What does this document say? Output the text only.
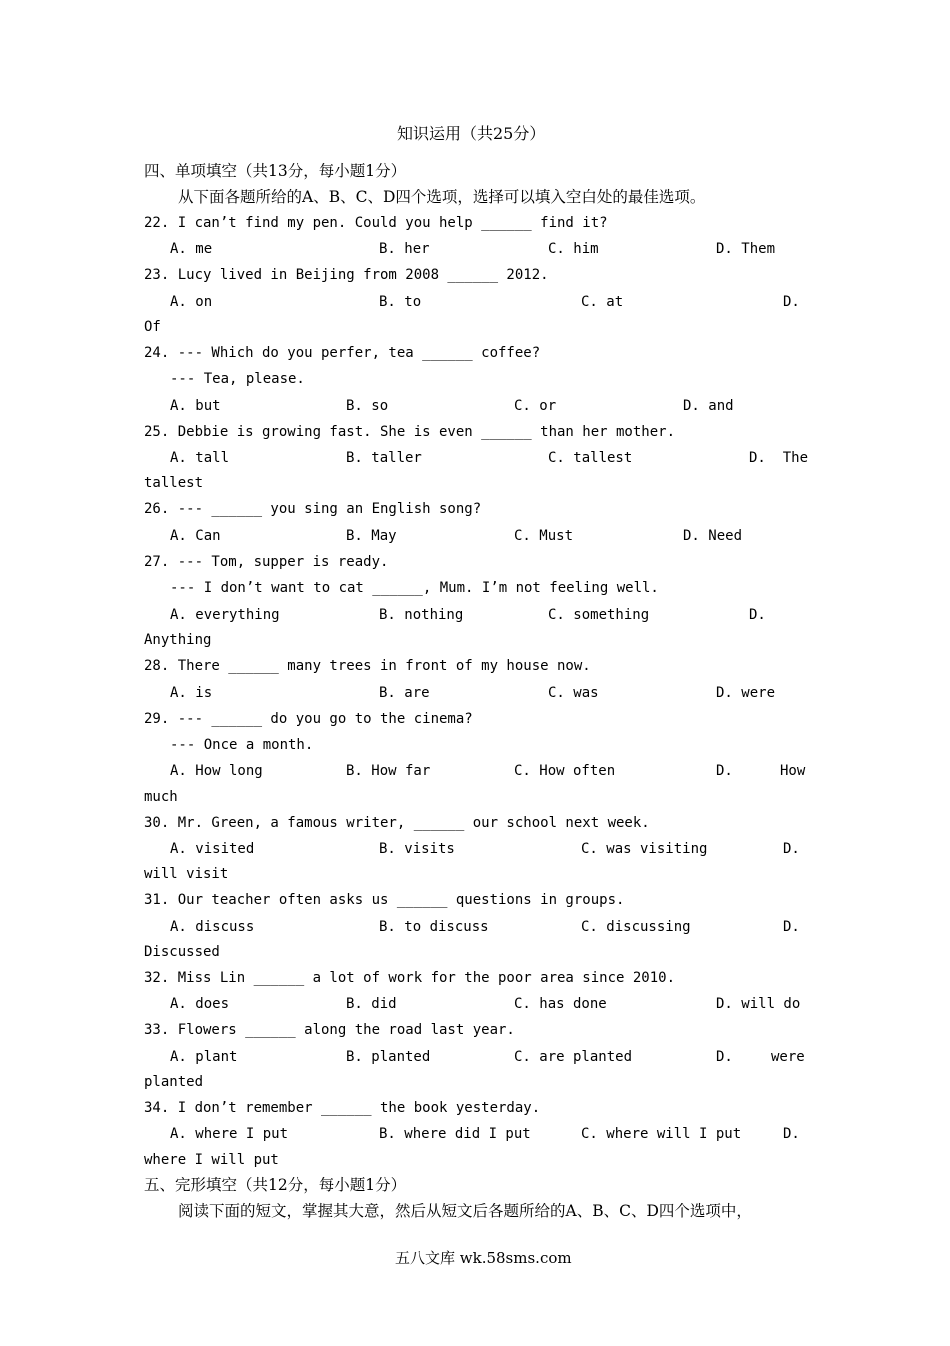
知识运用（共25分）
四、单项填空（共13分，每小题1分）
从下面各题所给的A、B、C、D四个选项，选择可以填入空白处的最佳选项。
22. I can’t find my pen. Could you help ______ find it?
A. me	B. her	C. him	D. Them
23. Lucy lived in Beijing from 2008 ______ 2012.
A. on	B. to	C. at	D.
Of
24. --- Which do you perfer, tea ______ coffee?
--- Tea, please.
A. but	B. so	C. or	D. and
25. Debbie is growing fast. She is even ______ than her mother.
A. tall	B. taller	C. tallest	D.  The
tallest
26. --- ______ you sing an English song?
A. Can	B. May	C. Must	D. Need
27. --- Tom, supper is ready.
--- I don’t want to cat ______, Mum. I’m not feeling well.
A. everything	B. nothing	C. something	D.
Anything
28. There ______ many trees in front of my house now.
A. is	B. are	C. was	D. were
29. --- ______ do you go to the cinema?
--- Once a month.
A. How long	B. How far	C. How often	D.	How
much
30. Mr. Green, a famous writer, ______ our school next week.
A. visited	B. visits	C. was visiting	D.
will visit
31. Our teacher often asks us ______ questions in groups.
A. discuss	B. to discuss	C. discussing	D.
Discussed
32. Miss Lin ______ a lot of work for the poor area since 2010.
A. does	B. did	C. has done	D. will do
33. Flowers ______ along the road last year.
A. plant	B. planted	C. are planted	D.	were
planted
34. I don’t remember ______ the book yesterday.
A. where I put	B. where did I put	C. where will I put	D.
where I will put
五、完形填空（共12分，每小题1分）
阅读下面的短文，掌握其大意，然后从短文后各题所给的A、B、C、D四个选项中，
五八文库 wk.58sms.com
